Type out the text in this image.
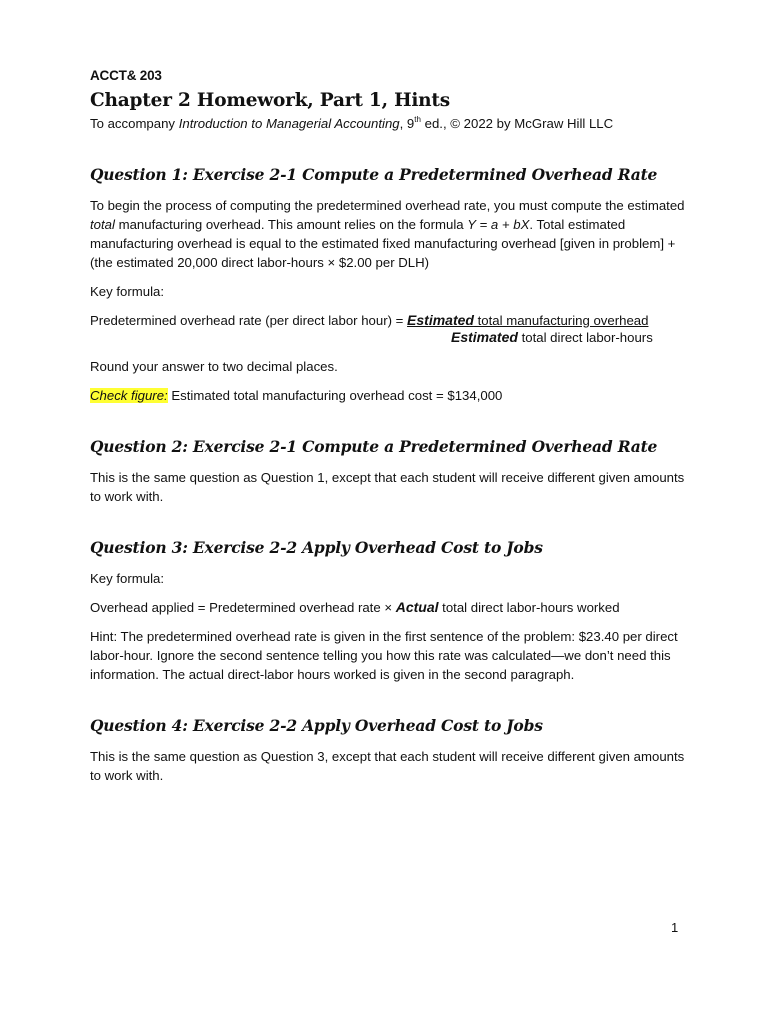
ACCT& 203

Chapter 2 Homework, Part 1, Hints

To accompany Introduction to Managerial Accounting, 9th ed., © 2022 by McGraw Hill LLC

Question 1: Exercise 2-1 Compute a Predetermined Overhead Rate

To begin the process of computing the predetermined overhead rate, you must compute the estimated total manufacturing overhead. This amount relies on the formula Y = a + bX. Total estimated manufacturing overhead is equal to the estimated fixed manufacturing overhead [given in problem] + (the estimated 20,000 direct labor-hours × $2.00 per DLH)

Key formula:

Predetermined overhead rate (per direct labor hour) = Estimated total manufacturing overhead
Estimated total direct labor-hours

Round your answer to two decimal places.

Check figure: Estimated total manufacturing overhead cost = $134,000

Question 2: Exercise 2-1 Compute a Predetermined Overhead Rate

This is the same question as Question 1, except that each student will receive different given amounts to work with.

Question 3: Exercise 2-2 Apply Overhead Cost to Jobs

Key formula:

Overhead applied = Predetermined overhead rate × Actual total direct labor-hours worked

Hint: The predetermined overhead rate is given in the first sentence of the problem: $23.40 per direct labor-hour. Ignore the second sentence telling you how this rate was calculated—we don’t need this information. The actual direct-labor hours worked is given in the second paragraph.

Question 4: Exercise 2-2 Apply Overhead Cost to Jobs

This is the same question as Question 3, except that each student will receive different given amounts to work with.

1
